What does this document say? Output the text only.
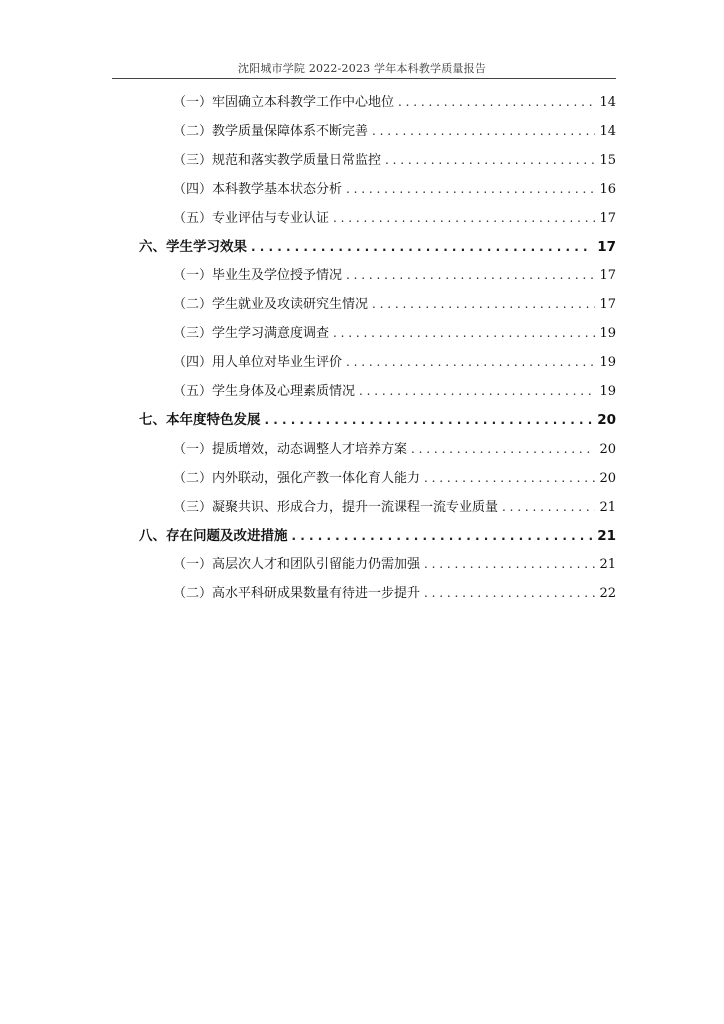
沈阳城市学院 2022-2023 学年本科教学质量报告
（一）牢固确立本科教学工作中心地位 . . .	14
（二）教学质量保障体系不断完善 . . .	14
（三）规范和落实教学质量日常监控 . . .	15
（四）本科教学基本状态分析 . . .	16
（五）专业评估与专业认证 . . .	17
六、学生学习效果 . . .	17
（一）毕业生及学位授予情况 . . .	17
（二）学生就业及攻读研究生情况 . . .	17
（三）学生学习满意度调查 . . .	19
（四）用人单位对毕业生评价 . . .	19
（五）学生身体及心理素质情况 . . .	19
七、本年度特色发展 . . .	20
（一）提质增效，动态调整人才培养方案 . . .	20
（二）内外联动，强化产教一体化育人能力 . . .	20
（三）凝聚共识、形成合力，提升一流课程一流专业质量 . . .	21
八、存在问题及改进措施 . . .	21
（一）高层次人才和团队引留能力仍需加强 . . .	21
（二）高水平科研成果数量有待进一步提升 . . .	22
